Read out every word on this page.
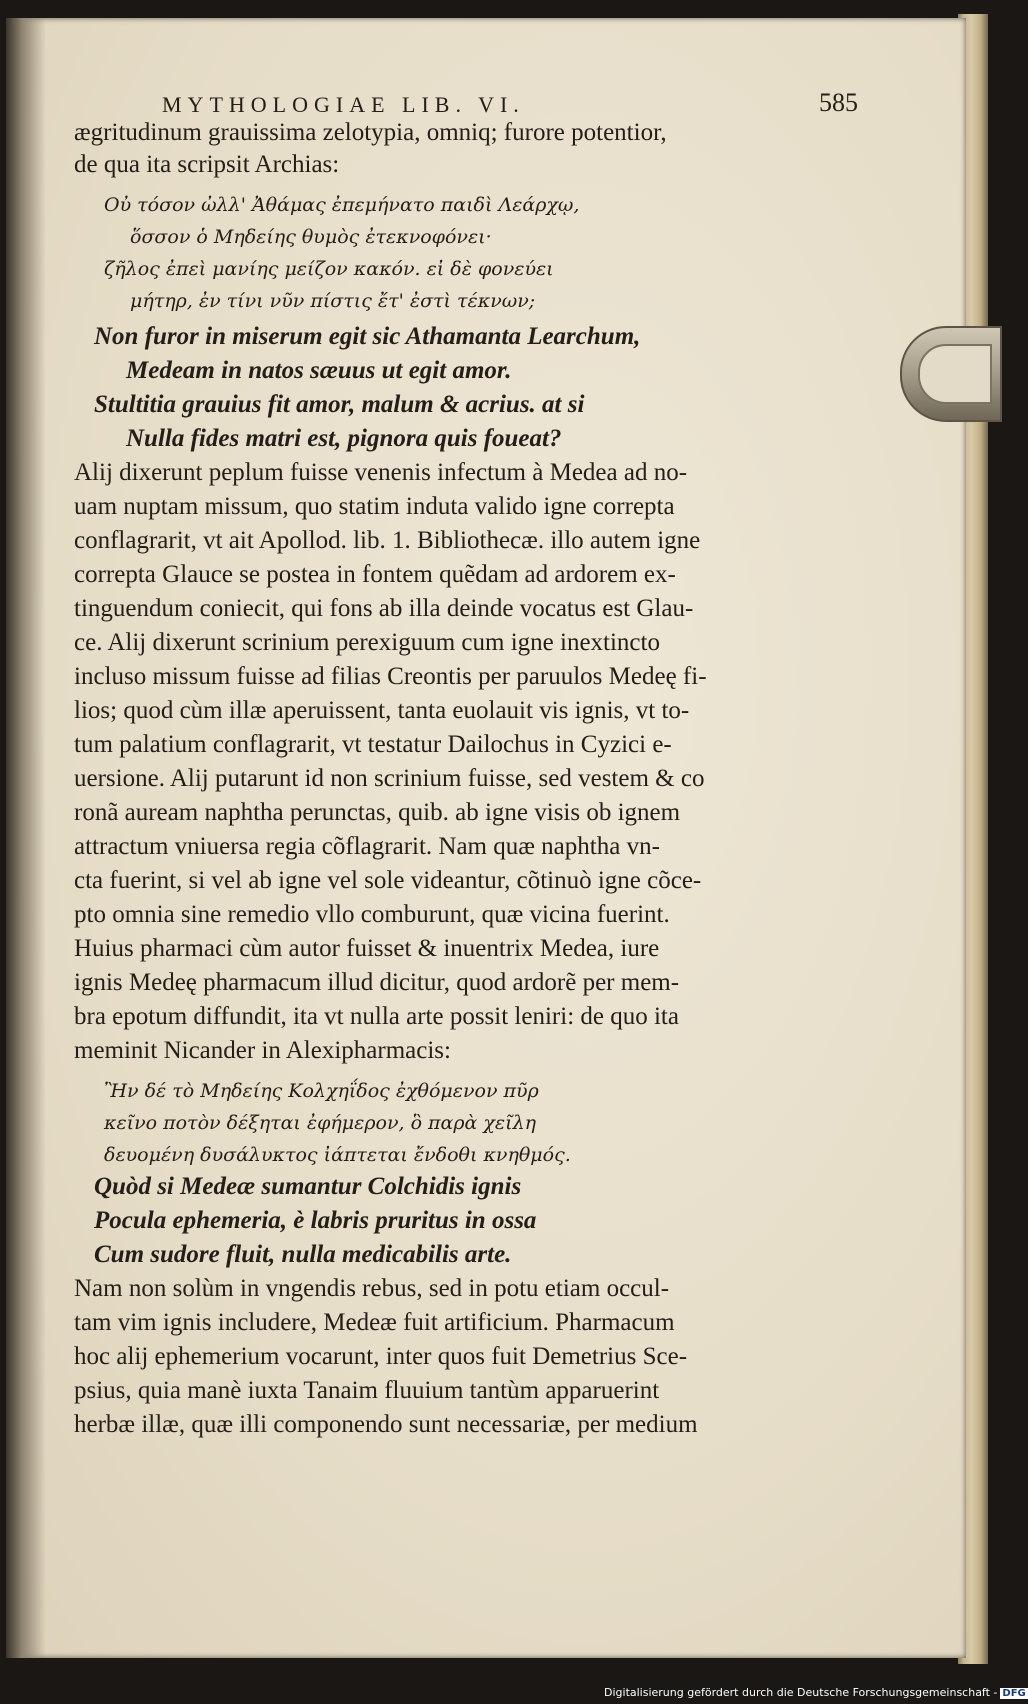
MYTHOLOGIAE LIB. VI.	585
ægritudinum grauissima zelotypia, omniq; furore potentior,
de qua ita scripsit Archias:
Οὐ τόσον ὠλλ' Ἀθάμας ἐπεμήνατο παιδὶ Λεάρχῳ,
ὅσσον ὁ Μηδείης θυμὸς ἐτεκνοφόνει·
ζῆλος ἐπεὶ μανίης μείζον κακόν. εἰ δὲ φονεύει
μήτηρ, ἐν τίνι νῦν πίστις ἔτ' ἐστὶ τέκνων;
Non furor in miserum egit sic Athamanta Learchum,
Medeam in natos sæuus ut egit amor.
Stultitia grauius fit amor, malum & acrius. at si
Nulla fides matri est, pignora quis foueat?
Alij dixerunt peplum fuisse venenis infectum à Medea ad no-
uam nuptam missum, quo statim induta valido igne correpta
conflagrarit, vt ait Apollod. lib. 1. Bibliothecæ. illo autem igne
correpta Glauce se postea in fontem quẽdam ad ardorem ex-
tinguendum coniecit, qui fons ab illa deinde vocatus est Glau-
ce. Alij dixerunt scrinium perexiguum cum igne inextincto
incluso missum fuisse ad filias Creontis per paruulos Medeę fi-
lios; quod cùm illæ aperuissent, tanta euolauit vis ignis, vt to-
tum palatium conflagrarit, vt testatur Dailochus in Cyzici e-
uersione. Alij putarunt id non scrinium fuisse, sed vestem & co
ronã auream naphtha perunctas, quib. ab igne visis ob ignem
attractum vniuersa regia cõflagrarit. Nam quæ naphtha vn-
cta fuerint, si vel ab igne vel sole videantur, cõtinuò igne cõce-
pto omnia sine remedio vllo comburunt, quæ vicina fuerint.
Huius pharmaci cùm autor fuisset & inuentrix Medea, iure
ignis Medeę pharmacum illud dicitur, quod ardorẽ per mem-
bra epotum diffundit, ita vt nulla arte possit leniri: de quo ita
meminit Nicander in Alexipharmacis:
Ἢν δέ τὸ Μηδείης Κολχηΐδος ἐχθόμενον πῦρ
κεῖνο ποτὸν δέξηται ἐφήμερον, ὃ παρὰ χεῖλη
δευομένη δυσάλυκτος ἰάπτεται ἔνδοθι κνηθμός.
Quòd si Medeæ sumantur Colchidis ignis
Pocula ephemeria, è labris pruritus in ossa
Cum sudore fluit, nulla medicabilis arte.
Nam non solùm in vngendis rebus, sed in potu etiam occul-
tam vim ignis includere, Medeæ fuit artificium. Pharmacum
hoc alij ephemerium vocarunt, inter quos fuit Demetrius Sce-
psius, quia manè iuxta Tanaim fluuium tantùm apparuerint
herbæ illæ, quæ illi componendo sunt necessariæ, per medium
Digitalisierung gefördert durch die Deutsche Forschungsgemeinschaft - DFG
